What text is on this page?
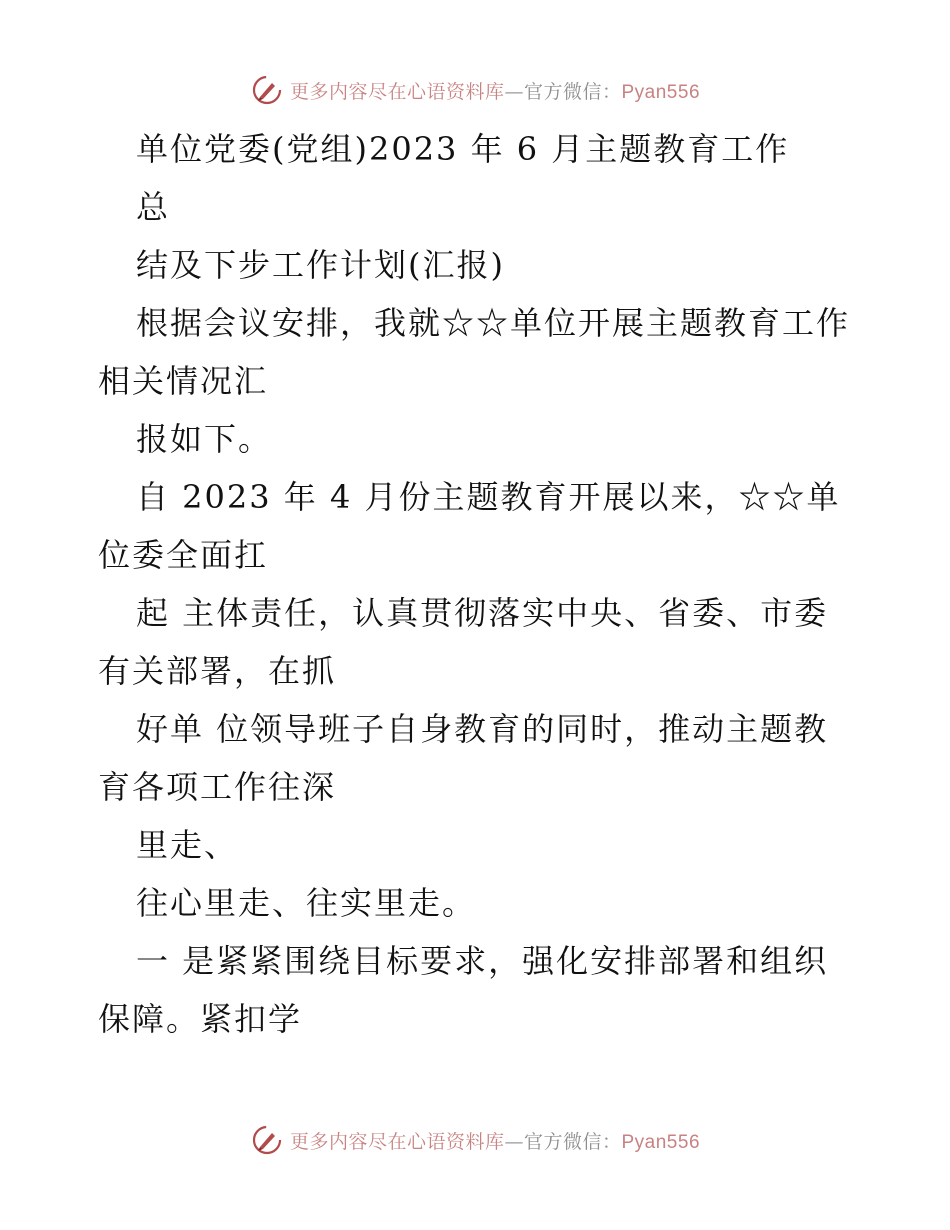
更多内容尽在心语资料库—官方微信：Pyan556
单位党委(党组)2023 年 6 月主题教育工作
总
结及下步工作计划(汇报)
根据会议安排，我就☆☆单位开展主题教育工作
相关情况汇
报如下。
自 2023 年 4 月份主题教育开展以来，☆☆单
位委全面扛
起 主体责任，认真贯彻落实中央、省委、市委
有关部署，在抓
好单 位领导班子自身教育的同时，推动主题教
育各项工作往深
里走、
往心里走、往实里走。
一 是紧紧围绕目标要求，强化安排部署和组织
保障。紧扣学
更多内容尽在心语资料库—官方微信：Pyan556
